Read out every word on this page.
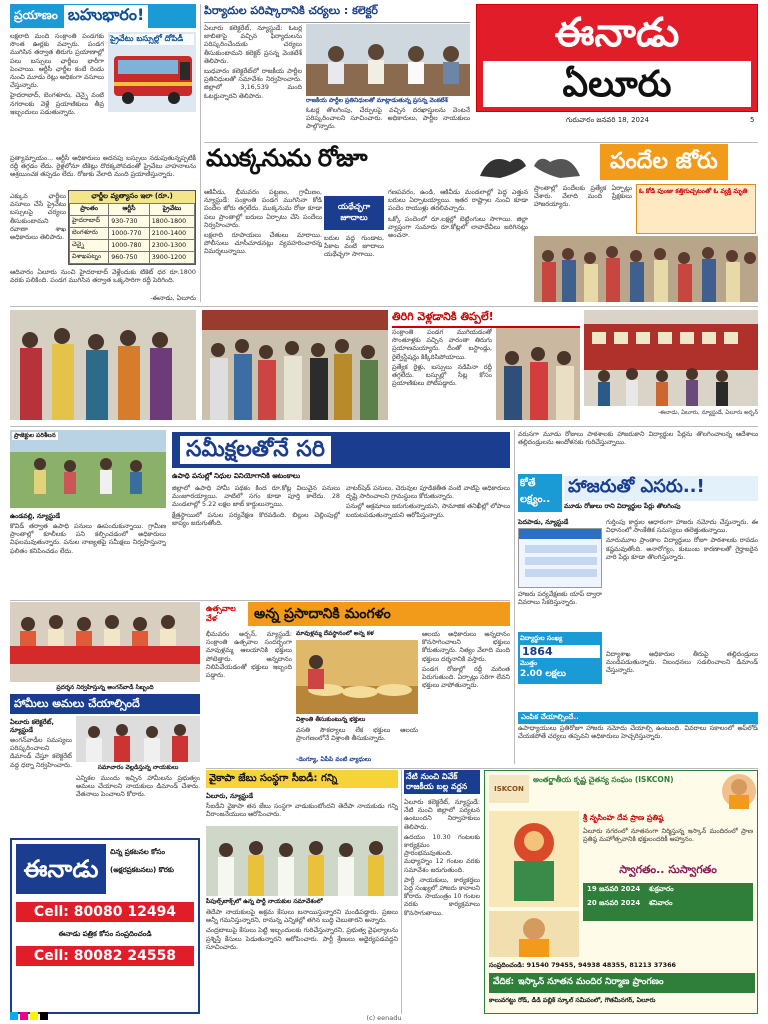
ఈనాడు
ఏలూరు
గురువారం జనవరి 18, 2024	5
ప్రయాణం బహుభారం!
ప్రైవేటు బస్సుల్లో దోపిడీ

లక్షలాది మంది సంక్రాంతి పండగకు సొంత ఊర్లకు వచ్చారు. పండగ ముగిసిన తర్వాత తిరుగు ప్రయాణాల్లో పలు బస్సులు ఛార్జీలు భారీగా పెంచాయి. ఆర్టీసీ ఛార్జీల కంటే రెండు నుంచి మూడు రెట్లు అధికంగా వసూలు చేస్తున్నారు.

హైదరాబాద్, బెంగళూరు, చెన్నై వంటి నగరాలకు వెళ్లే ప్రయాణికులు తీవ్ర ఇబ్బందులు పడుతున్నారు.

ప్రత్యామ్నాయం... ఆర్టీసీ అధికారులు అదనపు బస్సులు నడుపుతున్నప్పటికీ రద్దీ తగ్గడం లేదు. రైళ్లలోనూ టికెట్లు దొరక్కపోవడంతో ప్రైవేటు వాహనాలను ఆశ్రయించక తప్పడం లేదు. రోజుకు వేలాది మంది ప్రయాణిస్తున్నారు.

ఎక్కువ ఛార్జీలు వసూలు చేసే ప్రైవేటు బస్సులపై చర్యలు తీసుకుంటామని రవాణా శాఖ అధికారులు తెలిపారు.

ఛార్జీల వ్యత్యాసం ఇలా (రూ.)
ప్రాంతం	ఆర్టీసీ	ప్రైవేటు
హైదరాబాద్	930-730	1800-1800
బెంగళూరు	1000-770	2100-1400
చెన్నై	1000-780	2300-1300
విశాఖపట్నం	960-750	3900-1200

ఆదివారం ఏలూరు నుంచి హైదరాబాద్ వెళ్లేందుకు టికెట్ ధర రూ.1800 వరకు పలికింది. పండగ ముగిసిన తర్వాత ఒక్కసారిగా రద్దీ పెరిగింది.

-ఈనాడు, ఏలూరు
పిర్యాదుల పరిష్కారానికి చర్యలు : కలెక్టర్

ఏలూరు కలెక్టరేట్, న్యూస్టుడే: ఓటర్ల జాబితాపై వచ్చిన ఫిర్యాదులను పరిష్కరించేందుకు చర్యలు తీసుకుంటామని కలెక్టర్ ప్రసన్న వెంకటేశ్ తెలిపారు.

బుధవారం కలెక్టరేట్‌లో రాజకీయ పార్టీల ప్రతినిధులతో సమావేశం నిర్వహించారు. జిల్లాలో 3,16,539 మంది ఓటర్లున్నారని తెలిపారు.

రాజకీయ పార్టీల ప్రతినిధులతో మాట్లాడుతున్న ప్రసన్న వెంకటేశ్

ఓటర్ల తొలగింపు, చేర్పులపై వచ్చిన దరఖాస్తులను వెంటనే పరిష్కరించాలని సూచించారు. అధికారులు, పార్టీల నాయకులు పాల్గొన్నారు.

ముక్కనుమ రోజూ	పందేల జోరు

ఆకివీడు, భీమవరం పట్టణం, గ్రామీణం, న్యూస్టుడే: సంక్రాంతి పండగ ముగిసినా కోడి పందేల జోరు తగ్గలేదు. ముక్కనుమ రోజు కూడా పలు ప్రాంతాల్లో బరులు ఏర్పాటు చేసి పందేలు నిర్వహించారు.

లక్షలాది రూపాయలు చేతులు మారాయి. పోలీసులు చూసీచూడనట్లు వ్యవహరించారన్న విమర్శలున్నాయి.

యథేచ్ఛగా జూదాలు

బరుల వద్ద గుండాట, పేకాట వంటి జూదాలు యథేచ్ఛగా సాగాయి.

గణపవరం, ఉండి, ఆకివీడు మండలాల్లో పెద్ద ఎత్తున బరులు ఏర్పాటయ్యాయి. ఇతర రాష్ట్రాల నుంచి కూడా పందెం రాయుళ్లు తరలివచ్చారు.

ఒక్కో పందెంలో రూ.లక్షల్లో బెట్టింగులు సాగాయి. జిల్లా వ్యాప్తంగా సుమారు రూ.కోట్లలో లావాదేవీలు జరిగినట్లు అంచనా.

ప్రాంతాల్లో పందేలకు ప్రత్యేక ఏర్పాట్లు చేశారు. వేలాది మంది ప్రేక్షకులు హాజరయ్యారు.

ఓ కోడి పుంజు కత్తిగుచ్చటంతో ఓ వ్యక్తి మృతి
తిరిగి వెళ్లడానికి తిప్పలే!

సంక్రాంతి పండగ ముగియడంతో సొంతూళ్లకు వచ్చిన వారంతా తిరుగు ప్రయాణమయ్యారు. దీంతో బస్టాండ్లు, రైల్వేస్టేషన్లు కిక్కిరిసిపోయాయి.

ప్రత్యేక రైళ్లు, బస్సులు నడిపినా రద్దీ తగ్గలేదు. బస్సుల్లో సీట్ల కోసం ప్రయాణికులు పోటీపడ్డారు.

-ఈనాడు, ఏలూరు, న్యూస్టుడే, ఏలూరు అర్బన్
ప్రాజెక్టుల పరిశీలన
సమీక్షలతోనే సరి
ఉపాధి పనుల్లో నిధుల వినియోగానికి ఆటంకాలు
ఉండవల్లి, న్యూస్టుడే

కొవిడ్ తర్వాత ఉపాధి పనులు ఊపందుకున్నాయి. గ్రామీణ ప్రాంతాల్లో కూలీలకు పని కల్పించడంలో అధికారులు విఫలమవుతున్నారు. పనుల నాణ్యతపై సమీక్షలు నిర్వహిస్తున్నా ఫలితం కనిపించడం లేదు.

జిల్లాలో ఉపాధి హామీ పథకం కింద రూ.కోట్ల విలువైన పనులు మంజూరయ్యాయి. వాటిలో సగం కూడా పూర్తి కాలేదు. 28 మండలాల్లో 5.22 లక్షల జాబ్ కార్డులున్నాయి.

క్షేత్రస్థాయిలో పనుల పర్యవేక్షణ కొరవడింది. బిల్లుల చెల్లింపుల్లో జాప్యం జరుగుతోంది.

వాటర్‌షెడ్ పనులు, చెరువుల పూడికతీత వంటి వాటిపై అధికారులు దృష్టి సారించాలని గ్రామస్థులు కోరుతున్నారు.

పనుల్లో అక్రమాలు జరుగుతున్నాయని, సామాజిక తనిఖీల్లో లోపాలు బయటపడుతున్నాయని ఆరోపిస్తున్నారు.

వరుసగా మూడు రోజులు పాఠశాలకు హాజరుకాని విద్యార్థుల పేర్లను తొలగించాలన్న ఆదేశాలు తల్లిదండ్రులను ఆందోళనకు గురిచేస్తున్నాయి.

కోతే లక్ష్యం..
హాజరుతో ఎసరు..!
మూడు రోజులు రాని విద్యార్థుల పేర్లు తొలగింపు
పెదపాడు, న్యూస్టుడే	గుర్తింపు కార్డుల ఆధారంగా హాజరు నమోదు చేస్తున్నారు. ఈ విధానంలో సాంకేతిక సమస్యలు తలెత్తుతున్నాయి.

మారుమూల ప్రాంతాల విద్యార్థులు రోజూ పాఠశాలకు రావడం కష్టమవుతోంది. అనారోగ్యం, కుటుంబ కారణాలతో గైర్హాజరైన వారి పేర్లు కూడా తొలగిస్తున్నారు.

హాజరు పర్యవేక్షణకు యాప్ ద్వారా వివరాలు సేకరిస్తున్నారు.

విద్యార్థుల సంఖ్య
1864
మొత్తం
2.00 లక్షలు

విద్యాశాఖ అధికారుల తీరుపై తల్లిదండ్రులు మండిపడుతున్నారు. నిబంధనలు సడలించాలని డిమాండ్ చేస్తున్నారు.

ఎంపిక చేయాల్సిందే..

ఉపాధ్యాయులు ప్రతిరోజూ హాజరు నమోదు చేయాల్సి ఉంటుంది. వివరాలు సకాలంలో అప్‌లోడ్ చేయకపోతే చర్యలు తప్పవని అధికారులు హెచ్చరిస్తున్నారు.

ఉత్సవాల వేళ	అన్న ప్రసాదానికి మంగళం

భీమవరం అర్బన్, న్యూస్టుడే: సంక్రాంతి ఉత్సవాల సందర్భంగా మావుళ్లమ్మ ఆలయానికి భక్తులు పోటెత్తారు. అన్నదానం నిలిపివేయడంతో భక్తులు ఇబ్బంది పడ్డారు.

మావుళ్లమ్మ దేవస్థానంలో అన్న కళ
విశ్రాంతి తీసుకుంటున్న భక్తులు

వసతి సౌకర్యాలు లేక భక్తులు ఆలయ ప్రాంగణంలోనే విశ్రాంతి తీసుకున్నారు.

ఆలయ అధికారులు అన్నదానం కొనసాగించాలని భక్తులు కోరుతున్నారు. నిత్యం వేలాది మంది భక్తులు దర్శనానికి వస్తారు.

పండగ రోజుల్లో రద్దీ మరింత పెరుగుతుంది. ఏర్పాట్లు సరిగా లేవని భక్తులు వాపోతున్నారు.

-డెంగ్యూ, ఏపీపి వంటి వ్యాధులు
ప్రదర్శన నిర్వహిస్తున్న అంగన్‌వాడీ సిబ్బంది
హామీలు అమలు చేయాల్సిందే
ఏలూరు కలెక్టరేట్, న్యూస్టుడే

అంగన్‌వాడీల సమస్యలు పరిష్కరించాలని డిమాండ్ చేస్తూ కలెక్టరేట్ వద్ద ధర్నా నిర్వహించారు.	సమాచారం వెల్లడిస్తున్న నాయకులు

ఎన్నికల ముందు ఇచ్చిన హామీలను ప్రభుత్వం అమలు చేయాలని నాయకులు డిమాండ్ చేశారు. వేతనాలు పెంచాలని కోరారు.

వైకాపా జేబు సంస్థగా సీఐడీ: గన్ని
ఏలూరు, న్యూస్టుడే

సీఐడీని వైకాపా తన జేబు సంస్థగా వాడుకుంటోందని తెదేపా నాయకుడు గన్ని వీరాంజనేయులు ఆరోపించారు.

పీపుల్స్‌బాక్స్‌లో ఉన్న పార్టీ నాయకుల సమావేశంలో

తెదేపా నాయకులపై అక్రమ కేసులు బనాయిస్తున్నారని మండిపడ్డారు. ప్రజలు అన్నీ గమనిస్తున్నారని, రానున్న ఎన్నికల్లో తగిన బుద్ధి చెబుతారని అన్నారు.

చంద్రబాబుపై కేసులు పెట్టి ఇబ్బందులకు గురిచేస్తున్నారని, ప్రభుత్వ వైఫల్యాలను ప్రశ్నిస్తే కేసులు పెడుతున్నారని ఆరోపించారు. పార్టీ శ్రేణులు అధైర్యపడవద్దని సూచించారు.

నేటి నుంచి వివేక్ రాజకీయ బల్ల వర్ణన

ఏలూరు కలెక్టరేట్, న్యూస్టుడే: నేటి నుంచి జిల్లాలో పర్యటన ఉంటుందని నిర్వాహకులు తెలిపారు.

ఉదయం 10.30 గంటలకు కార్యక్రమం ప్రారంభమవుతుంది. మధ్యాహ్నం 12 గంటల వరకు సమావేశం జరుగుతుంది.

పార్టీ నాయకులు, కార్యకర్తలు పెద్ద సంఖ్యలో హాజరు కావాలని కోరారు. సాయంత్రం 10 గంటల వరకు కార్యక్రమాలు కొనసాగుతాయి.

ఈనాడు
చిన్న ప్రకటనల కోసం
(అక్షరప్రకటనలు) కొరకు
Cell: 80080 12494
ఈనాడు పత్రిక కోసం సంప్రదించండి
Cell: 80082 24558
ISKCON
అంతర్జాతీయ కృష్ణ చైతన్య సంఘం (ISKCON)
శ్రీ నృసింహ దేవ ప్రాణ ప్రతిష్ఠ

ఏలూరు నగరంలో నూతనంగా నిర్మిస్తున్న ఇస్కాన్ మందిరంలో ప్రాణ ప్రతిష్ఠ మహోత్సవానికి భక్తులందరికీ ఆహ్వానం.

స్వాగతం.. సుస్వాగతం
19 జనవరి 2024 శుక్రవారం
20 జనవరి 2024 శనివారం
సంప్రదించండి: 91540 79455, 94938 48355, 81213 37366
వేదిక: ఇస్కాన్ నూతన మందిర నిర్మాణ ప్రాంగణం
కాలువగట్టు రోడ్, డీడీ పబ్లిక్ స్కూల్ సమీపంలో, గౌతమీనగర్, ఏలూరు
(c) eenadu
